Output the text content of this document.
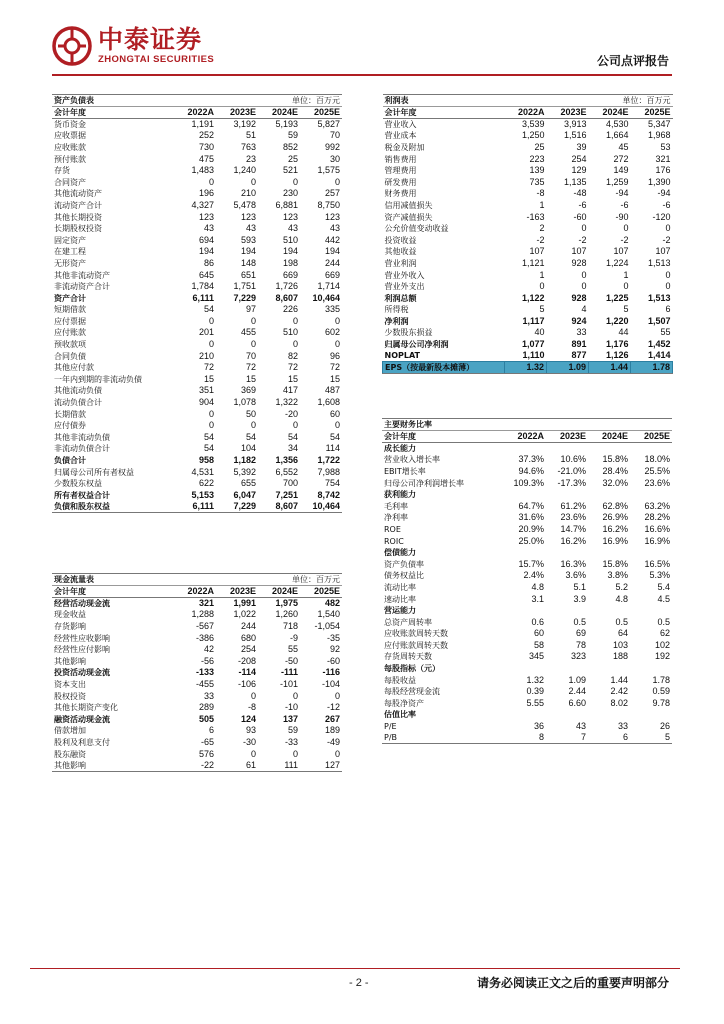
中泰证券
ZHONGTAI SECURITIES	公司点评报告
资产负债表	单位：百万元			
会计年度	2022A	2023E	2024E	2025E
货币资金	1,191	3,192	5,193	5,827
应收票据	252	51	59	70
应收账款	730	763	852	992
预付账款	475	23	25	30
存货	1,483	1,240	521	1,575
合同资产	0	0	0	0
其他流动资产	196	210	230	257
流动资产合计	4,327	5,478	6,881	8,750
其他长期投资	123	123	123	123
长期股权投资	43	43	43	43
固定资产	694	593	510	442
在建工程	194	194	194	194
无形资产	86	148	198	244
其他非流动资产	645	651	669	669
非流动资产合计	1,784	1,751	1,726	1,714
资产合计	6,111	7,229	8,607	10,464
短期借款	54	97	226	335
应付票据	0	0	0	0
应付账款	201	455	510	602
预收款项	0	0	0	0
合同负债	210	70	82	96
其他应付款	72	72	72	72
一年内到期的非流动负债	15	15	15	15
其他流动负债	351	369	417	487
流动负债合计	904	1,078	1,322	1,608
长期借款	0	50	-20	60
应付债券	0	0	0	0
其他非流动负债	54	54	54	54
非流动负债合计	54	104	34	114
负债合计	958	1,182	1,356	1,722
归属母公司所有者权益	4,531	5,392	6,552	7,988
少数股东权益	622	655	700	754
所有者权益合计	5,153	6,047	7,251	8,742
负债和股东权益	6,111	7,229	8,607	10,464
利润表	单位：百万元			
会计年度	2022A	2023E	2024E	2025E
营业收入	3,539	3,913	4,530	5,347
营业成本	1,250	1,516	1,664	1,968
税金及附加	25	39	45	53
销售费用	223	254	272	321
管理费用	139	129	149	176
研发费用	735	1,135	1,259	1,390
财务费用	-8	-48	-94	-94
信用减值损失	1	-6	-6	-6
资产减值损失	-163	-60	-90	-120
公允价值变动收益	2	0	0	0
投资收益	-2	-2	-2	-2
其他收益	107	107	107	107
营业利润	1,121	928	1,224	1,513
营业外收入	1	0	1	0
营业外支出	0	0	0	0
利润总额	1,122	928	1,225	1,513
所得税	5	4	5	6
净利润	1,117	924	1,220	1,507
少数股东损益	40	33	44	55
归属母公司净利润	1,077	891	1,176	1,452
NOPLAT	1,110	877	1,126	1,414
EPS（按最新股本摊薄）	1.32	1.09	1.44	1.78
主要财务比率				
会计年度	2022A	2023E	2024E	2025E
成长能力				
营业收入增长率	37.3%	10.6%	15.8%	18.0%
EBIT增长率	94.6%	-21.0%	28.4%	25.5%
归母公司净利润增长率	109.3%	-17.3%	32.0%	23.6%
获利能力				
毛利率	64.7%	61.2%	62.8%	63.2%
净利率	31.6%	23.6%	26.9%	28.2%
ROE	20.9%	14.7%	16.2%	16.6%
ROIC	25.0%	16.2%	16.9%	16.9%
偿债能力				
资产负债率	15.7%	16.3%	15.8%	16.5%
债务权益比	2.4%	3.6%	3.8%	5.3%
流动比率	4.8	5.1	5.2	5.4
速动比率	3.1	3.9	4.8	4.5
营运能力				
总资产周转率	0.6	0.5	0.5	0.5
应收账款周转天数	60	69	64	62
应付账款周转天数	58	78	103	102
存货周转天数	345	323	188	192
每股指标（元）				
每股收益	1.32	1.09	1.44	1.78
每股经营现金流	0.39	2.44	2.42	0.59
每股净资产	5.55	6.60	8.02	9.78
估值比率				
P/E	36	43	33	26
P/B	8	7	6	5
现金流量表	单位：百万元			
会计年度	2022A	2023E	2024E	2025E
经营活动现金流	321	1,991	1,975	482
现金收益	1,288	1,022	1,260	1,540
存货影响	-567	244	718	-1,054
经营性应收影响	-386	680	-9	-35
经营性应付影响	42	254	55	92
其他影响	-56	-208	-50	-60
投资活动现金流	-133	-114	-111	-116
资本支出	-455	-106	-101	-104
股权投资	33	0	0	0
其他长期资产变化	289	-8	-10	-12
融资活动现金流	505	124	137	267
借款增加	6	93	59	189
股利及利息支付	-65	-30	-33	-49
股东融资	576	0	0	0
其他影响	-22	61	111	127
- 2 -	请务必阅读正文之后的重要声明部分
